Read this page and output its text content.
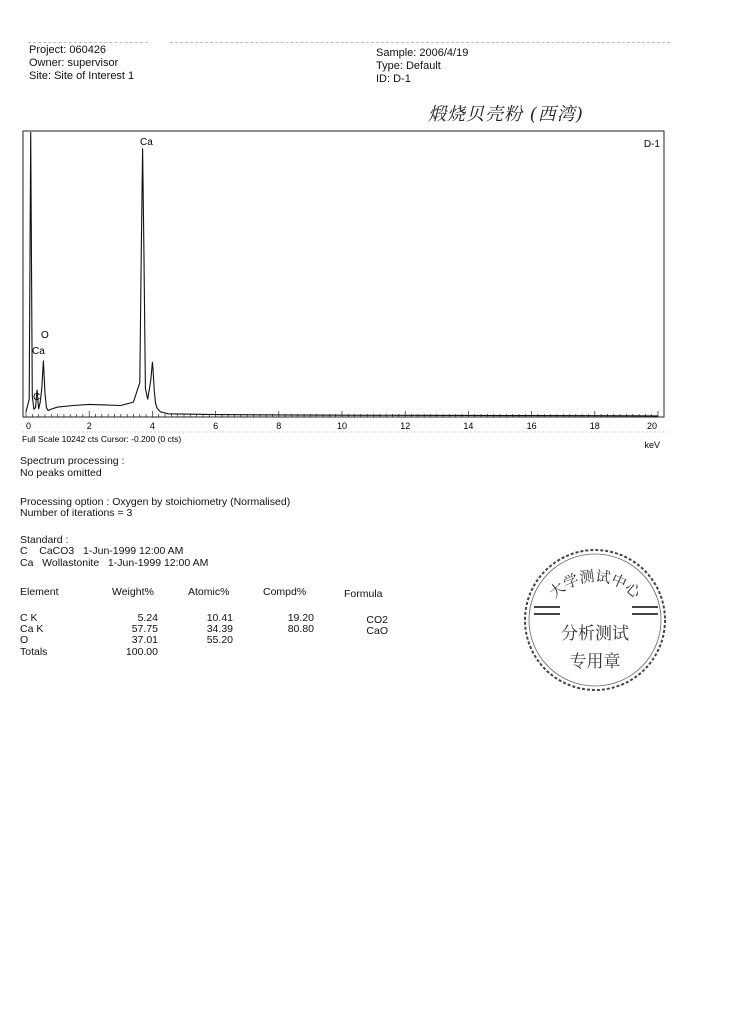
Project: 060426
Owner: supervisor
Site: Site of Interest 1
Sample: 2006/4/19
Type: Default
ID: D-1
煅烧贝壳粉 (西湾)
D-1
0	2	4	6	8	10	12	14	16	18	20
Ca
O
Ca
C
Full Scale 10242 cts Cursor: -0.200 (0 cts)
keV
Spectrum processing :
No peaks omitted
Processing option : Oxygen by stoichiometry (Normalised)
Number of iterations = 3
Standard :
C    CaCO3   1-Jun-1999 12:00 AM
Ca   Wollastonite   1-Jun-1999 12:00 AM
Element	Weight%	Atomic%	Compd%	Formula
C K	5.24	10.41	19.20	CO2
Ca K	57.75	34.39	80.80	CaO
O	37.01	55.20
Totals	100.00
大学测试中心
分析测试
专用章
